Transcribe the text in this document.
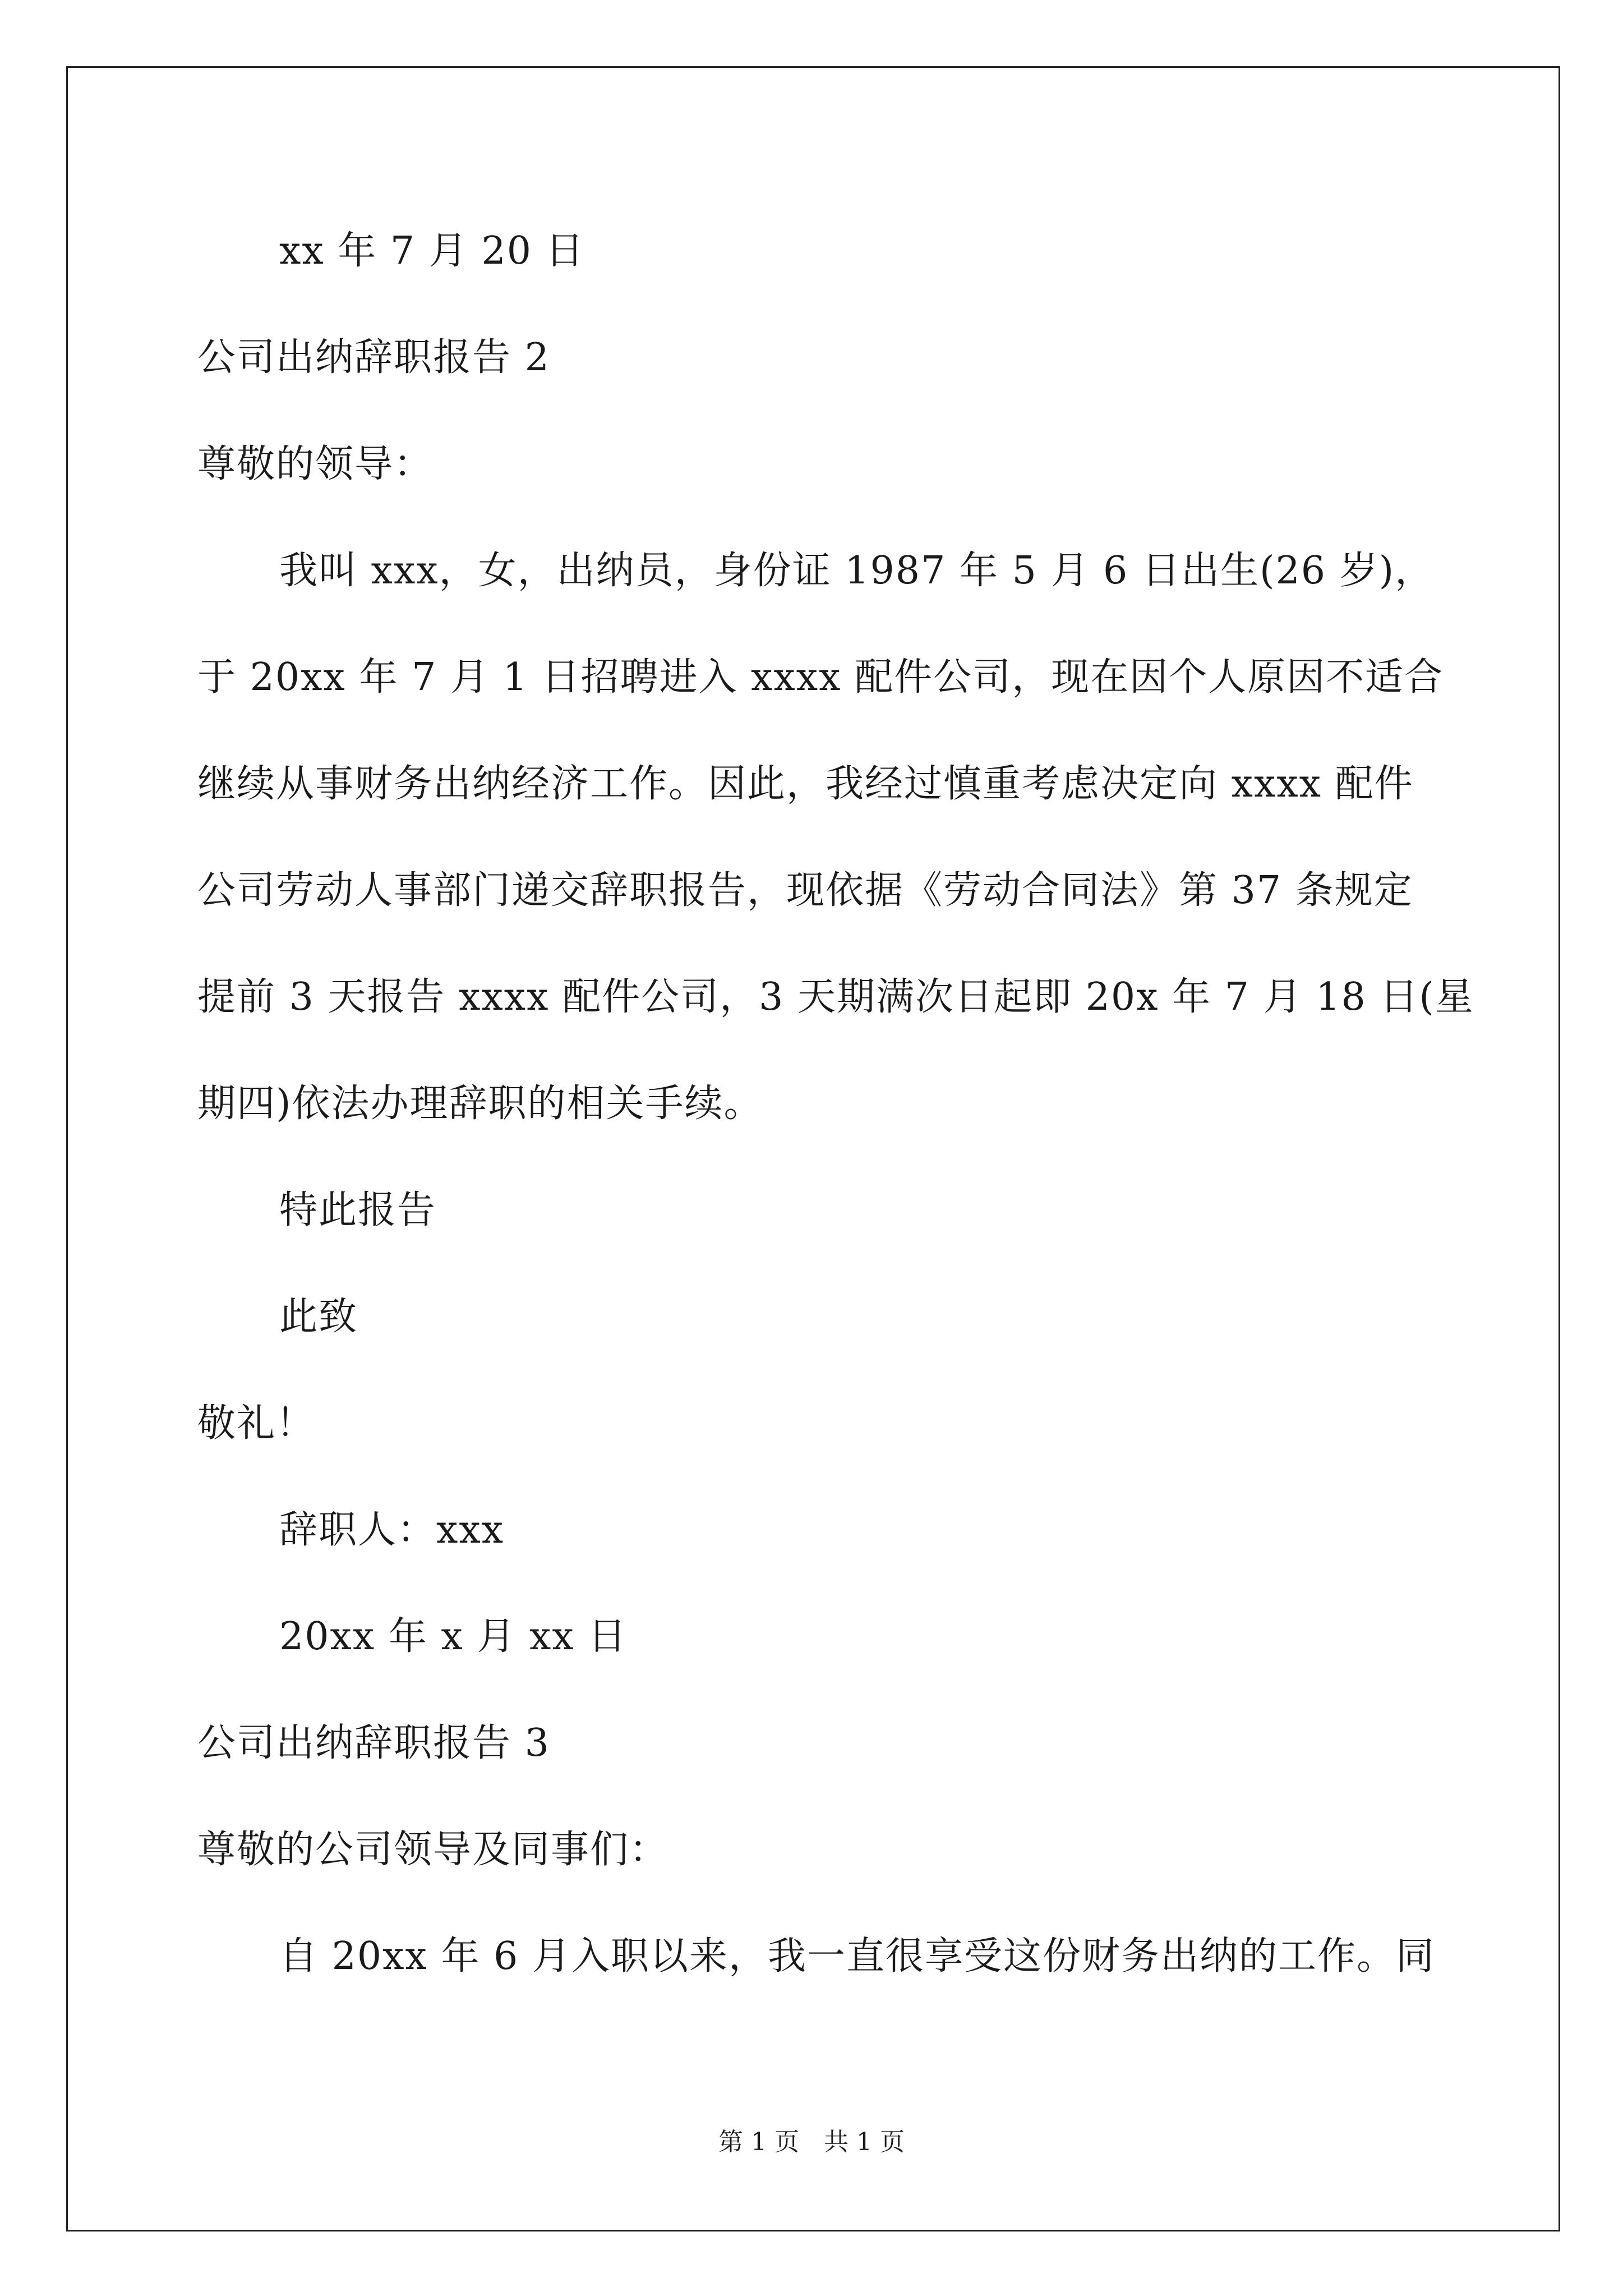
xx 年 7 月 20 日
公司出纳辞职报告 2
尊敬的领导：
我叫 xxx，女，出纳员，身份证 1987 年 5 月 6 日出生(26 岁)，
于 20xx 年 7 月 1 日招聘进入 xxxx 配件公司，现在因个人原因不适合
继续从事财务出纳经济工作。因此，我经过慎重考虑决定向 xxxx 配件
公司劳动人事部门递交辞职报告，现依据《劳动合同法》第 37 条规定
提前 3 天报告 xxxx 配件公司，3 天期满次日起即 20x 年 7 月 18 日(星
期四)依法办理辞职的相关手续。
特此报告
此致
敬礼！
辞职人：xxx
20xx 年 x 月 xx 日
公司出纳辞职报告 3
尊敬的公司领导及同事们：
自 20xx 年 6 月入职以来，我一直很享受这份财务出纳的工作。同
第 1 页　共 1 页
